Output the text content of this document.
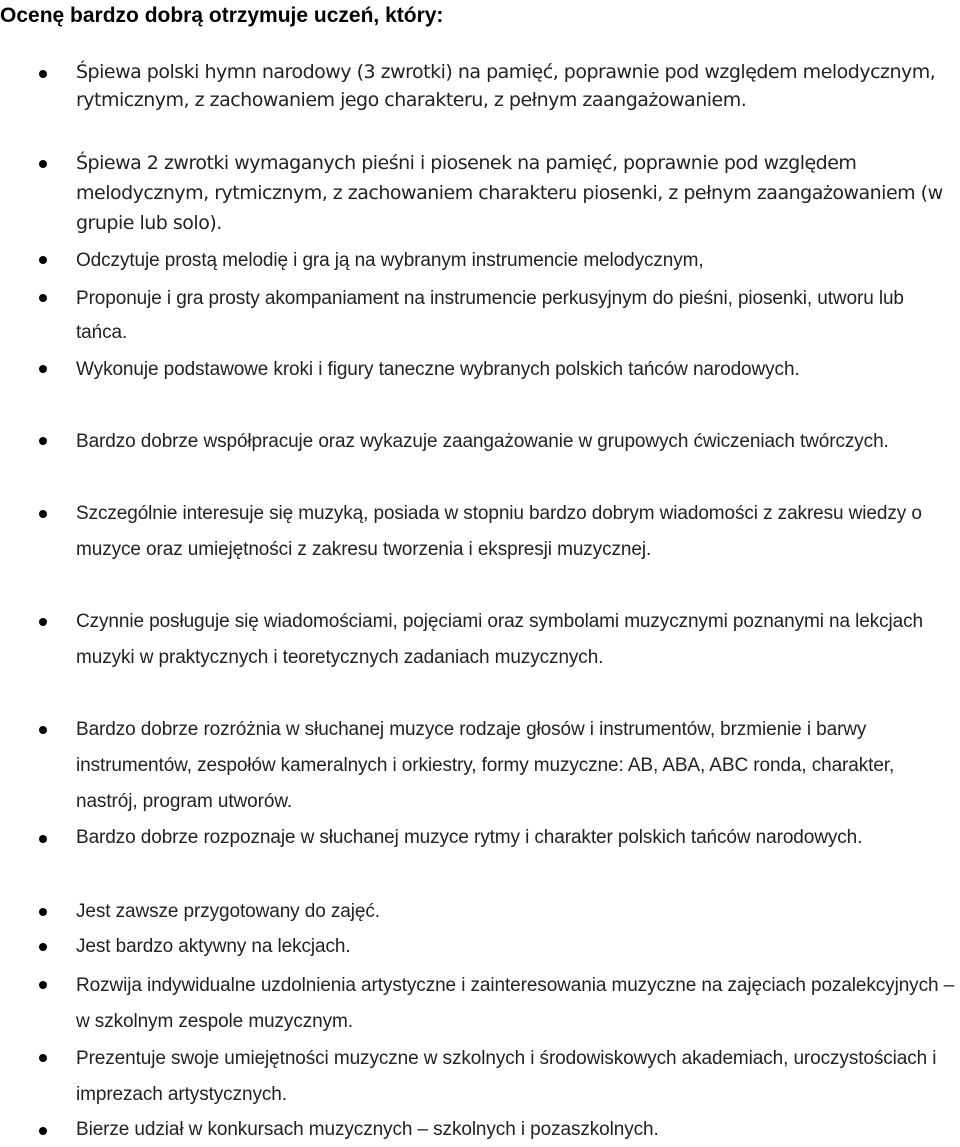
Ocenę bardzo dobrą otrzymuje uczeń, który:

Śpiewa polski hymn narodowy (3 zwrotki) na pamięć, poprawnie pod względem melodycznym, rytmicznym, z zachowaniem jego charakteru, z pełnym zaangażowaniem.

Śpiewa 2 zwrotki wymaganych pieśni i piosenek na pamięć, poprawnie pod względem melodycznym, rytmicznym, z zachowaniem charakteru piosenki, z pełnym zaangażowaniem (w grupie lub solo).

Odczytuje prostą melodię i gra ją na wybranym instrumencie melodycznym,

Proponuje i gra prosty akompaniament na instrumencie perkusyjnym do pieśni, piosenki, utworu lub tańca.

Wykonuje podstawowe kroki i figury taneczne wybranych polskich tańców narodowych.

Bardzo dobrze współpracuje oraz wykazuje zaangażowanie w grupowych ćwiczeniach twórczych.

Szczególnie interesuje się muzyką, posiada w stopniu bardzo dobrym wiadomości z zakresu wiedzy o muzyce oraz umiejętności z zakresu tworzenia i ekspresji muzycznej.

Czynnie posługuje się wiadomościami, pojęciami oraz symbolami muzycznymi poznanymi na lekcjach muzyki w praktycznych i teoretycznych zadaniach muzycznych.

Bardzo dobrze rozróżnia w słuchanej muzyce rodzaje głosów i instrumentów, brzmienie i barwy instrumentów, zespołów kameralnych i orkiestry, formy muzyczne: AB, ABA, ABC ronda, charakter, nastrój, program utworów.

Bardzo dobrze rozpoznaje w słuchanej muzyce rytmy i charakter polskich tańców narodowych.

Jest zawsze przygotowany do zajęć.

Jest bardzo aktywny na lekcjach.

Rozwija indywidualne uzdolnienia artystyczne i zainteresowania muzyczne na zajęciach pozalekcyjnych – w szkolnym zespole muzycznym.

Prezentuje swoje umiejętności muzyczne w szkolnych i środowiskowych akademiach, uroczystościach i imprezach artystycznych.

Bierze udział w konkursach muzycznych – szkolnych i pozaszkolnych.
